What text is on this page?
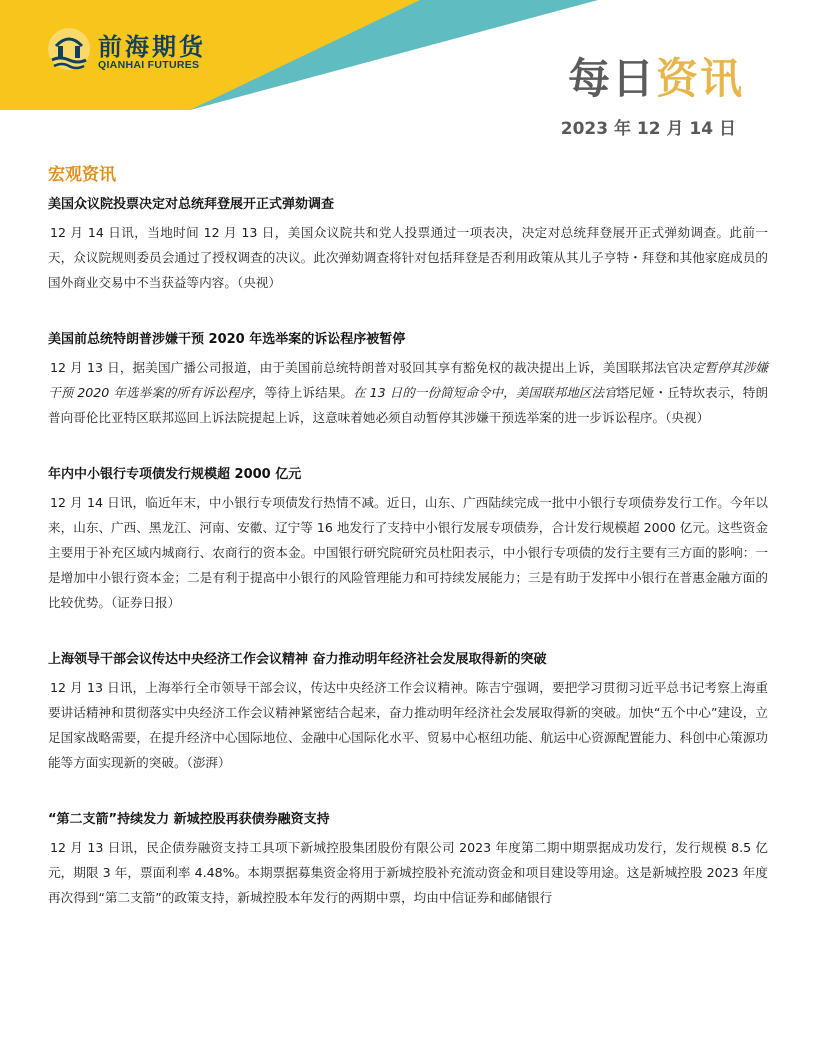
前海期货
QIANHAI FUTURES	每日资讯
2023 年 12 月 14 日
宏观资讯
美国众议院投票决定对总统拜登展开正式弹劾调查
12 月 14 日讯，当地时间 12 月 13 日，美国众议院共和党人投票通过一项表决，决定对总统拜登展开正式弹劾调查。此前一天，众议院规则委员会通过了授权调查的决议。此次弹劾调查将针对包括拜登是否利用政策从其儿子亨特・拜登和其他家庭成员的国外商业交易中不当获益等内容。（央视）
美国前总统特朗普涉嫌干预 2020 年选举案的诉讼程序被暂停
12 月 13 日，据美国广播公司报道，由于美国前总统特朗普对驳回其享有豁免权的裁决提出上诉，美国联邦法官决定暂停其涉嫌干预 2020 年选举案的所有诉讼程序，等待上诉结果。在 13 日的一份简短命令中，美国联邦地区法官塔尼娅・丘特坎表示，特朗普向哥伦比亚特区联邦巡回上诉法院提起上诉，这意味着她必须自动暂停其涉嫌干预选举案的进一步诉讼程序。（央视）
年内中小银行专项债发行规模超 2000 亿元
12 月 14 日讯，临近年末，中小银行专项债发行热情不减。近日，山东、广西陆续完成一批中小银行专项债券发行工作。今年以来，山东、广西、黑龙江、河南、安徽、辽宁等 16 地发行了支持中小银行发展专项债券，合计发行规模超 2000 亿元。这些资金主要用于补充区域内城商行、农商行的资本金。中国银行研究院研究员杜阳表示，中小银行专项债的发行主要有三方面的影响：一是增加中小银行资本金；二是有利于提高中小银行的风险管理能力和可持续发展能力；三是有助于发挥中小银行在普惠金融方面的比较优势。（证券日报）
上海领导干部会议传达中央经济工作会议精神 奋力推动明年经济社会发展取得新的突破
12 月 13 日讯，上海举行全市领导干部会议，传达中央经济工作会议精神。陈吉宁强调，要把学习贯彻习近平总书记考察上海重要讲话精神和贯彻落实中央经济工作会议精神紧密结合起来，奋力推动明年经济社会发展取得新的突破。加快“五个中心”建设，立足国家战略需要，在提升经济中心国际地位、金融中心国际化水平、贸易中心枢纽功能、航运中心资源配置能力、科创中心策源功能等方面实现新的突破。（澎湃）
“第二支箭”持续发力 新城控股再获债券融资支持
12 月 13 日讯，民企债券融资支持工具项下新城控股集团股份有限公司 2023 年度第二期中期票据成功发行，发行规模 8.5 亿元，期限 3 年，票面利率 4.48%。本期票据募集资金将用于新城控股补充流动资金和项目建设等用途。这是新城控股 2023 年度再次得到“第二支箭”的政策支持，新城控股本年发行的两期中票，均由中信证券和邮储银行
